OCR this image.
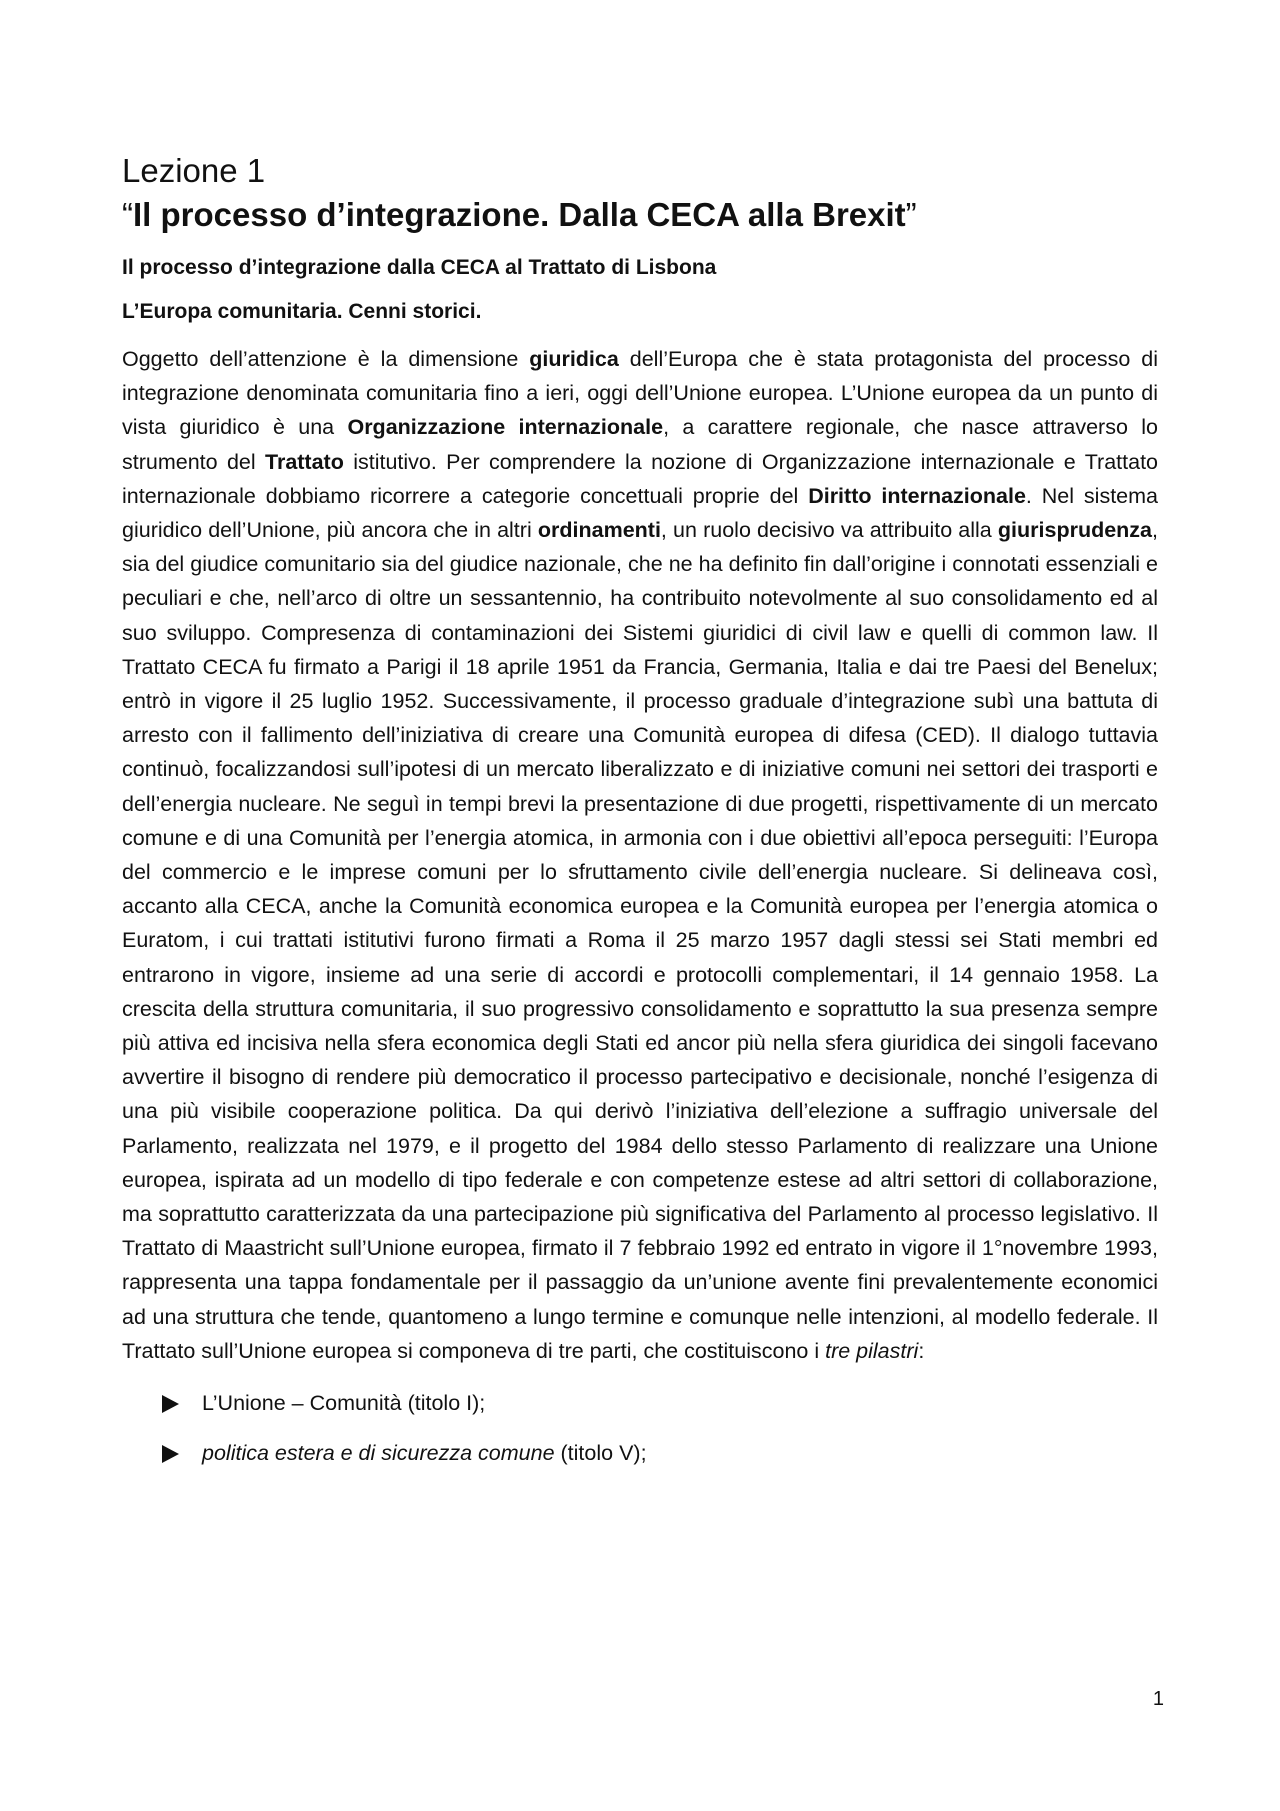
Lezione 1
“Il processo d’integrazione. Dalla CECA alla Brexit”

Il processo d’integrazione dalla CECA al Trattato di Lisbona

L’Europa comunitaria. Cenni storici.

Oggetto dell’attenzione è la dimensione giuridica dell’Europa che è stata protagonista del processo di integrazione denominata comunitaria fino a ieri, oggi dell’Unione europea. L’Unione europea da un punto di vista giuridico è una Organizzazione internazionale, a carattere regionale, che nasce attraverso lo strumento del Trattato istitutivo. Per comprendere la nozione di Organizzazione internazionale e Trattato internazionale dobbiamo ricorrere a categorie concettuali proprie del Diritto internazionale. Nel sistema giuridico dell’Unione, più ancora che in altri ordinamenti, un ruolo decisivo va attribuito alla giurisprudenza, sia del giudice comunitario sia del giudice nazionale, che ne ha definito fin dall’origine i connotati essenziali e peculiari e che, nell’arco di oltre un sessantennio, ha contribuito notevolmente al suo consolidamento ed al suo sviluppo. Compresenza di contaminazioni dei Sistemi giuridici di civil law e quelli di common law. Il Trattato CECA fu firmato a Parigi il 18 aprile 1951 da Francia, Germania, Italia e dai tre Paesi del Benelux; entrò in vigore il 25 luglio 1952. Successivamente, il processo graduale d’integrazione subì una battuta di arresto con il fallimento dell’iniziativa di creare una Comunità europea di difesa (CED). Il dialogo tuttavia continuò, focalizzandosi sull’ipotesi di un mercato liberalizzato e di iniziative comuni nei settori dei trasporti e dell’energia nucleare. Ne seguì in tempi brevi la presentazione di due progetti, rispettivamente di un mercato comune e di una Comunità per l’energia atomica, in armonia con i due obiettivi all’epoca perseguiti: l’Europa del commercio e le imprese comuni per lo sfruttamento civile dell’energia nucleare. Si delineava così, accanto alla CECA, anche la Comunità economica europea e la Comunità europea per l’energia atomica o Euratom, i cui trattati istitutivi furono firmati a Roma il 25 marzo 1957 dagli stessi sei Stati membri ed entrarono in vigore, insieme ad una serie di accordi e protocolli complementari, il 14 gennaio 1958. La crescita della struttura comunitaria, il suo progressivo consolidamento e soprattutto la sua presenza sempre più attiva ed incisiva nella sfera economica degli Stati ed ancor più nella sfera giuridica dei singoli facevano avvertire il bisogno di rendere più democratico il processo partecipativo e decisionale, nonché l’esigenza di una più visibile cooperazione politica. Da qui derivò l’iniziativa dell’elezione a suffragio universale del Parlamento, realizzata nel 1979, e il progetto del 1984 dello stesso Parlamento di realizzare una Unione europea, ispirata ad un modello di tipo federale e con competenze estese ad altri settori di collaborazione, ma soprattutto caratterizzata da una partecipazione più significativa del Parlamento al processo legislativo. Il Trattato di Maastricht sull’Unione europea, firmato il 7 febbraio 1992 ed entrato in vigore il 1°novembre 1993, rappresenta una tappa fondamentale per il passaggio da un’unione avente fini prevalentemente economici ad una struttura che tende, quantomeno a lungo termine e comunque nelle intenzioni, al modello federale. Il Trattato sull’Unione europea si componeva di tre parti, che costituiscono i tre pilastri:

L’Unione – Comunità (titolo I);
politica estera e di sicurezza comune (titolo V);
1
